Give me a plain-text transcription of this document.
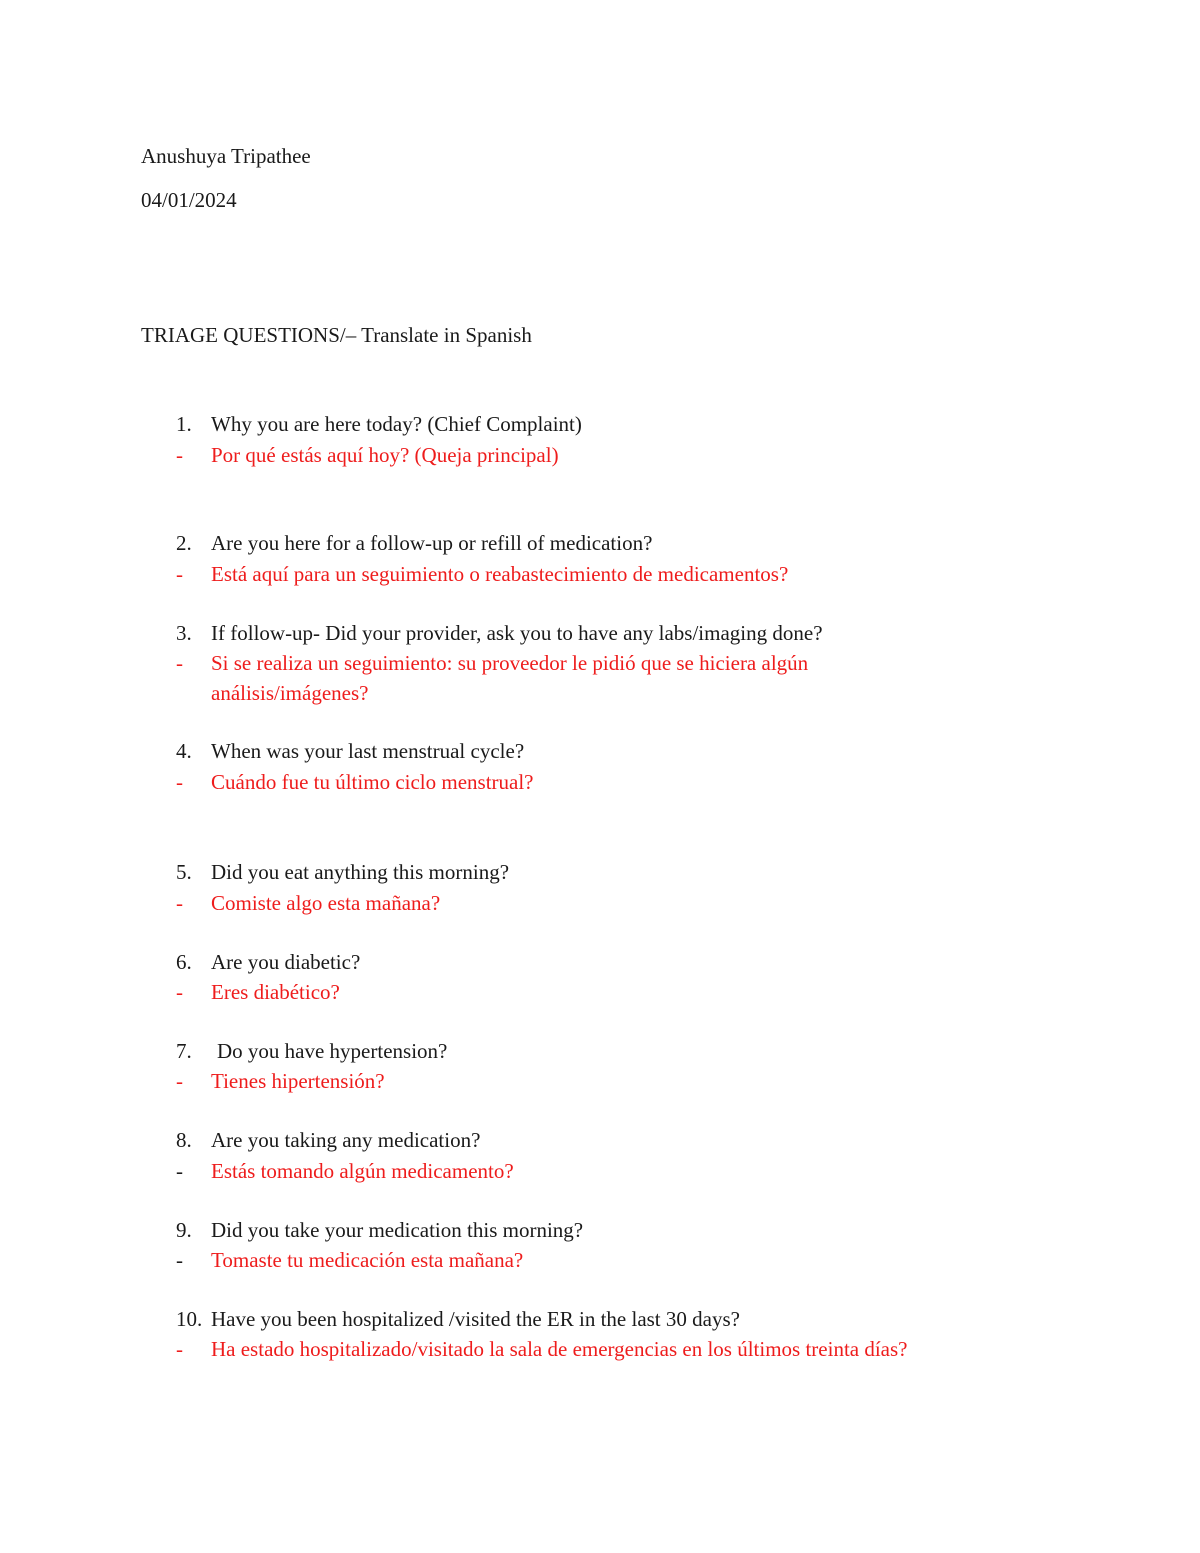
Anushuya Tripathee
04/01/2024
TRIAGE QUESTIONS/– Translate in Spanish
1. Why you are here today? (Chief Complaint)
- Por qué estás aquí hoy? (Queja principal)
2. Are you here for a follow-up or refill of medication?
- Está aquí para un seguimiento o reabastecimiento de medicamentos?
3. If follow-up- Did your provider, ask you to have any labs/imaging done?
- Si se realiza un seguimiento: su proveedor le pidió que se hiciera algún
análisis/imágenes?
4. When was your last menstrual cycle?
- Cuándo fue tu último ciclo menstrual?
5. Did you eat anything this morning?
- Comiste algo esta mañana?
6. Are you diabetic?
- Eres diabético?
7. Do you have hypertension?
- Tienes hipertensión?
8. Are you taking any medication?
- Estás tomando algún medicamento?
9. Did you take your medication this morning?
- Tomaste tu medicación esta mañana?
10. Have you been hospitalized /visited the ER in the last 30 days?
- Ha estado hospitalizado/visitado la sala de emergencias en los últimos treinta días?
